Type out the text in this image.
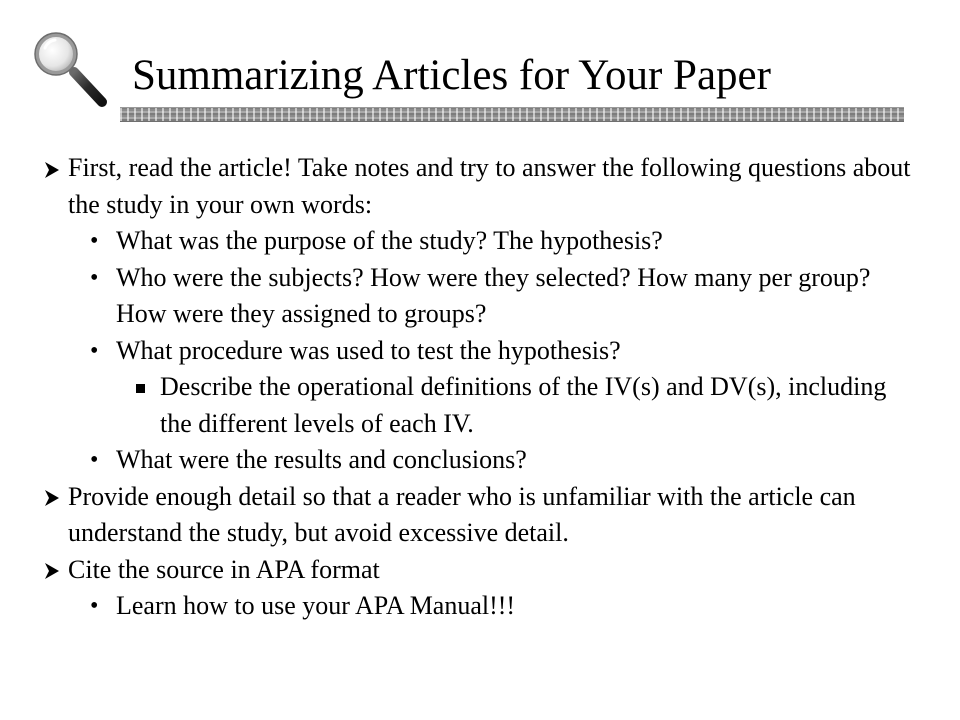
Summarizing Articles for Your Paper
First, read the article! Take notes and try to answer the following questions about the study in your own words:
• What was the purpose of the study? The hypothesis?
• Who were the subjects? How were they selected? How many per group? How were they assigned to groups?
• What procedure was used to test the hypothesis?
Describe the operational definitions of the IV(s) and DV(s), including the different levels of each IV.
• What were the results and conclusions?
Provide enough detail so that a reader who is unfamiliar with the article can understand the study, but avoid excessive detail.
Cite the source in APA format
• Learn how to use your APA Manual!!!
